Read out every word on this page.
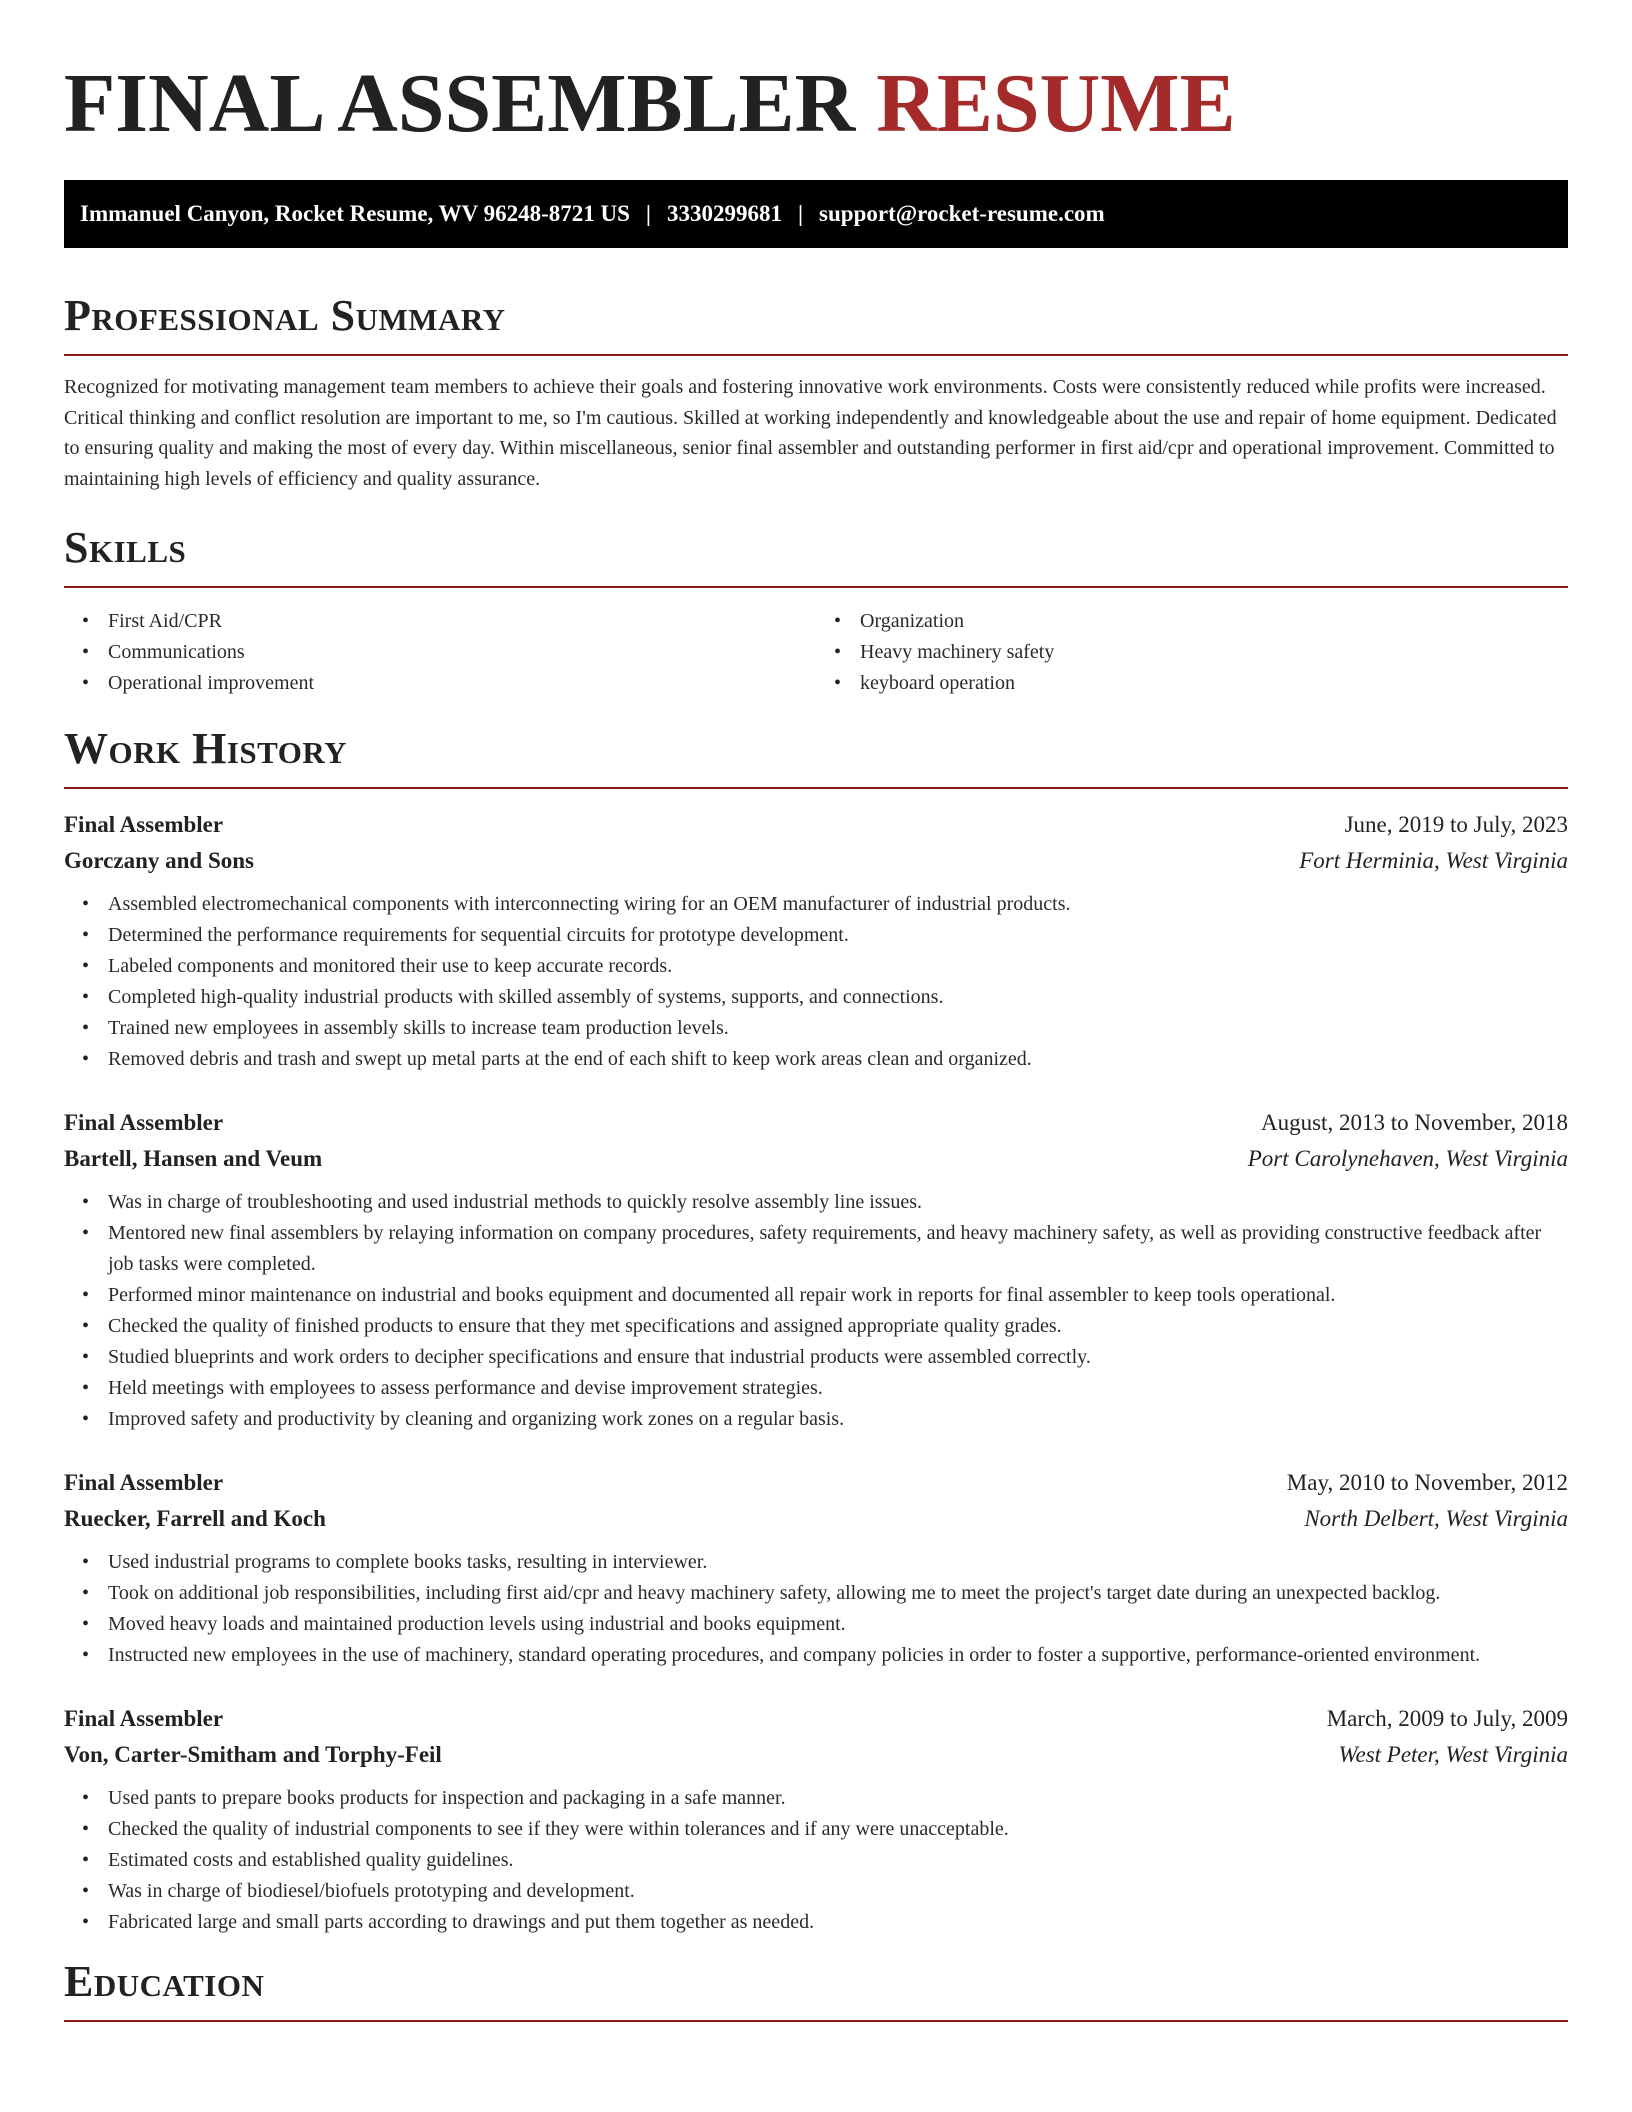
FINAL ASSEMBLER RESUME
Immanuel Canyon, Rocket Resume, WV 96248-8721 US | 3330299681 | support@rocket-resume.com
Professional Summary

Recognized for motivating management team members to achieve their goals and fostering innovative work environments. Costs were consistently reduced while profits were increased. Critical thinking and conflict resolution are important to me, so I'm cautious. Skilled at working independently and knowledgeable about the use and repair of home equipment. Dedicated to ensuring quality and making the most of every day. Within miscellaneous, senior final assembler and outstanding performer in first aid/cpr and operational improvement. Committed to maintaining high levels of efficiency and quality assurance.

Skills
• First Aid/CPR
• Communications
• Operational improvement
• Organization
• Heavy machinery safety
• keyboard operation
Work History
Final Assembler	June, 2019 to July, 2023
Gorczany and Sons	Fort Herminia, West Virginia
• Assembled electromechanical components with interconnecting wiring for an OEM manufacturer of industrial products.
• Determined the performance requirements for sequential circuits for prototype development.
• Labeled components and monitored their use to keep accurate records.
• Completed high-quality industrial products with skilled assembly of systems, supports, and connections.
• Trained new employees in assembly skills to increase team production levels.
• Removed debris and trash and swept up metal parts at the end of each shift to keep work areas clean and organized.
Final Assembler	August, 2013 to November, 2018
Bartell, Hansen and Veum	Port Carolynehaven, West Virginia
• Was in charge of troubleshooting and used industrial methods to quickly resolve assembly line issues.
• Mentored new final assemblers by relaying information on company procedures, safety requirements, and heavy machinery safety, as well as providing constructive feedback after job tasks were completed.
• Performed minor maintenance on industrial and books equipment and documented all repair work in reports for final assembler to keep tools operational.
• Checked the quality of finished products to ensure that they met specifications and assigned appropriate quality grades.
• Studied blueprints and work orders to decipher specifications and ensure that industrial products were assembled correctly.
• Held meetings with employees to assess performance and devise improvement strategies.
• Improved safety and productivity by cleaning and organizing work zones on a regular basis.
Final Assembler	May, 2010 to November, 2012
Ruecker, Farrell and Koch	North Delbert, West Virginia
• Used industrial programs to complete books tasks, resulting in interviewer.
• Took on additional job responsibilities, including first aid/cpr and heavy machinery safety, allowing me to meet the project's target date during an unexpected backlog.
• Moved heavy loads and maintained production levels using industrial and books equipment.
• Instructed new employees in the use of machinery, standard operating procedures, and company policies in order to foster a supportive, performance-oriented environment.
Final Assembler	March, 2009 to July, 2009
Von, Carter-Smitham and Torphy-Feil	West Peter, West Virginia
• Used pants to prepare books products for inspection and packaging in a safe manner.
• Checked the quality of industrial components to see if they were within tolerances and if any were unacceptable.
• Estimated costs and established quality guidelines.
• Was in charge of biodiesel/biofuels prototyping and development.
• Fabricated large and small parts according to drawings and put them together as needed.
Education
